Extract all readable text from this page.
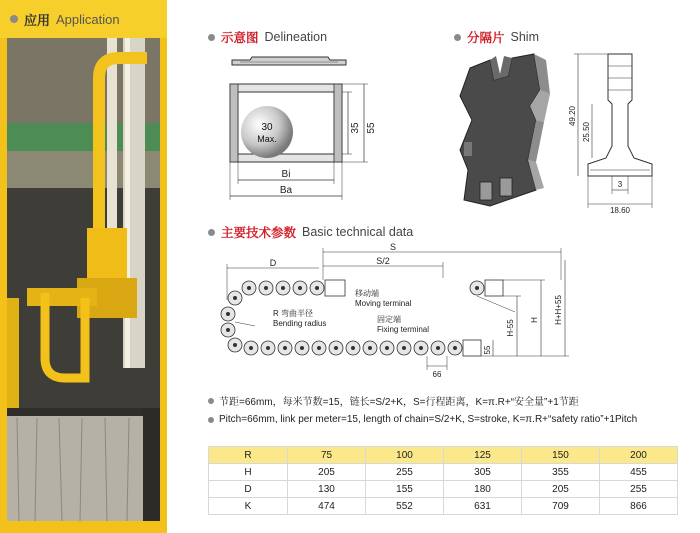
应用 Application
示意图 Delineation
30
Max.
35 55
Bi
Ba
分隔片 Shim
49.20
25.50
3
18.60
主要技术参数 Basic technical data
S
S/2
D
移动端
Moving terminal
R 弯曲半径
Bending radius	固定端
Fixing terminal
66
55
H-55 H H+H+55
节距=66mm，每米节数=15，链长=S/2+K，S=行程距离，K=π.R+“安全量”+1节距
Pitch=66mm, link per meter=15, length of chain=S/2+K, S=stroke, K=π.R+“safety ratio”+1Pitch
R	75	100	125	150	200
H	205	255	305	355	455
D	130	155	180	205	255
K	474	552	631	709	866
